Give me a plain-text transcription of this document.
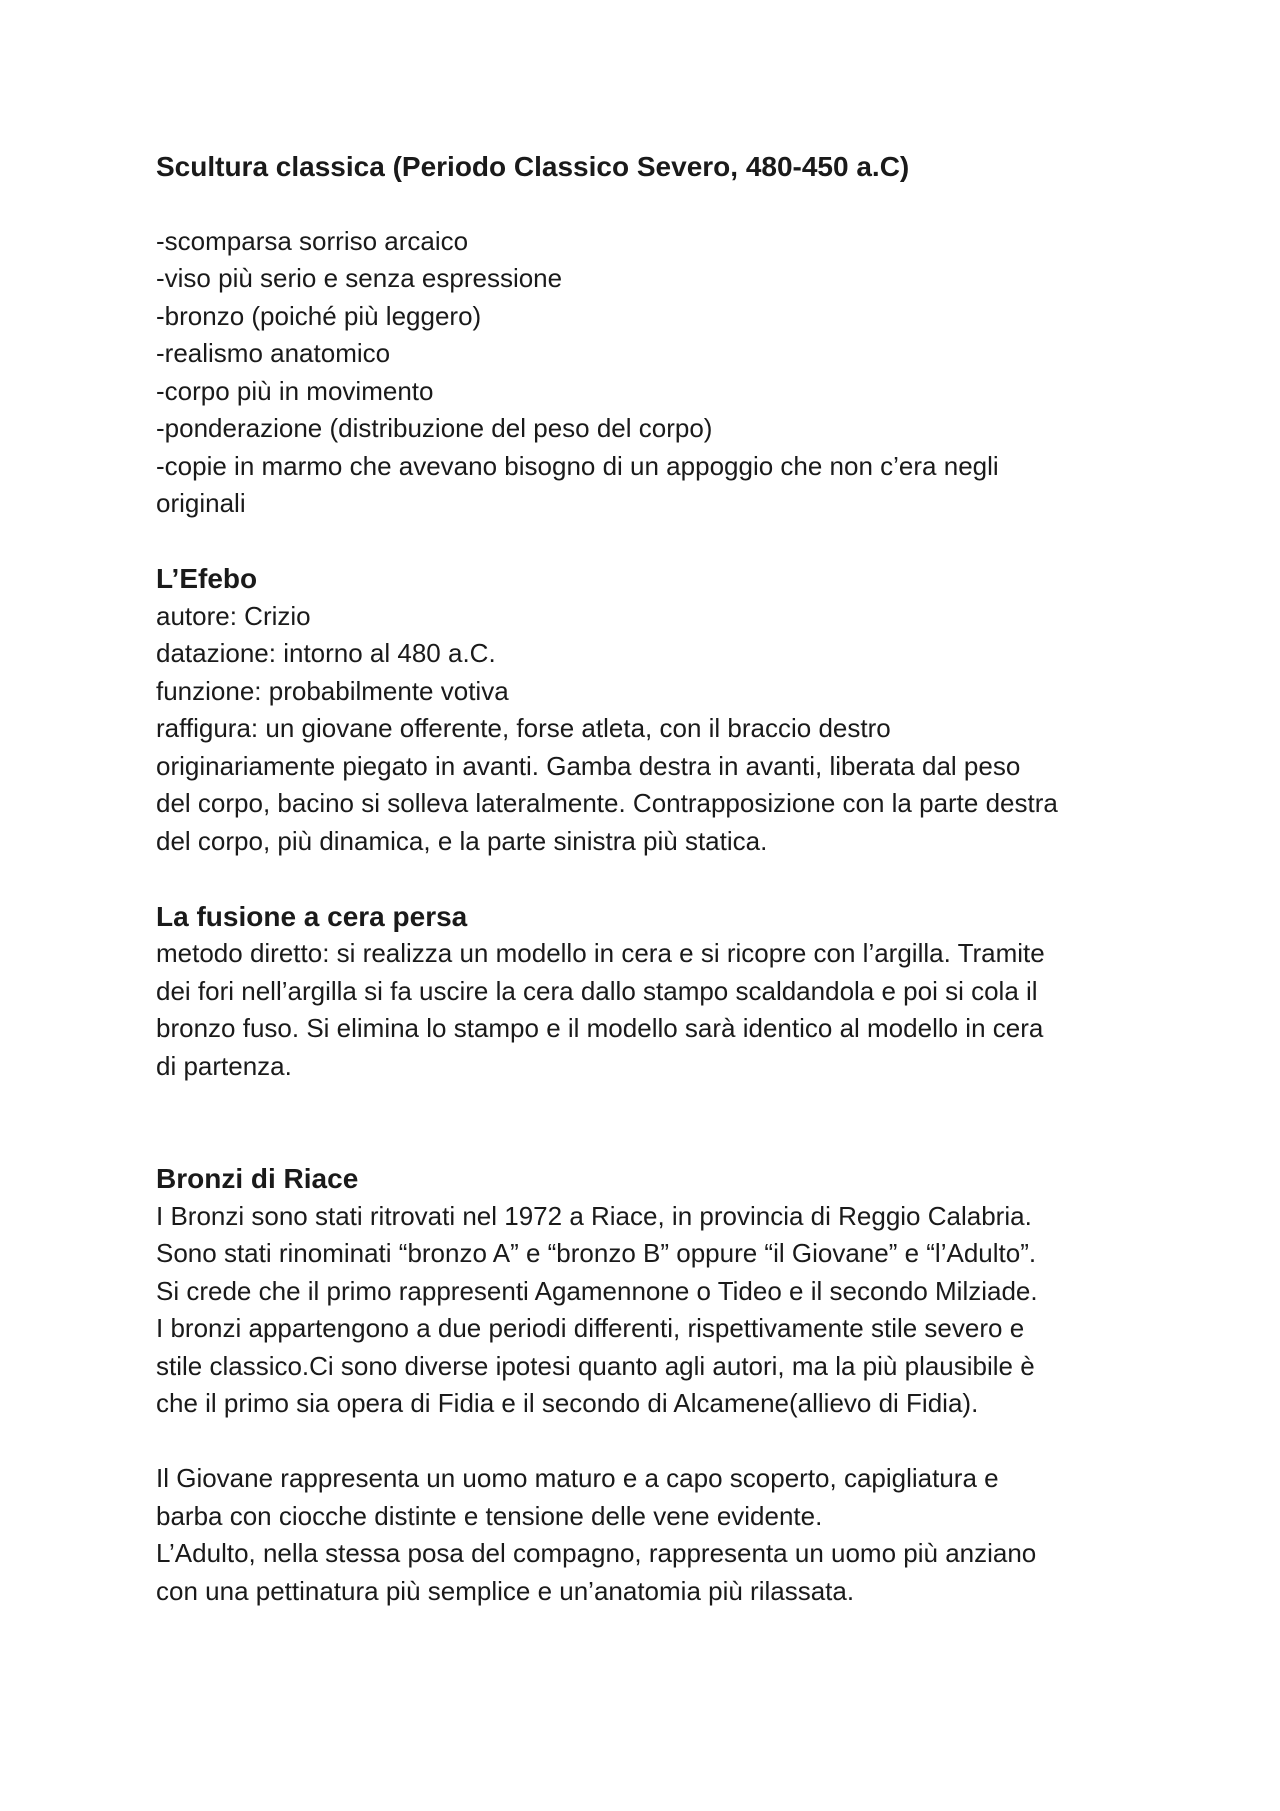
Scultura classica (Periodo Classico Severo, 480-450 a.C)

-scomparsa sorriso arcaico

-viso più serio e senza espressione

-bronzo (poiché più leggero)

-realismo anatomico

-corpo più in movimento

-ponderazione (distribuzione del peso del corpo)

-copie in marmo che avevano bisogno di un appoggio che non c’era negli

originali

L’Efebo

autore: Crizio

datazione: intorno al 480 a.C.

funzione: probabilmente votiva

raffigura: un giovane offerente, forse atleta, con il braccio destro

originariamente piegato in avanti. Gamba destra in avanti, liberata dal peso

del corpo, bacino si solleva lateralmente. Contrapposizione con la parte destra

del corpo, più dinamica, e la parte sinistra più statica.

La fusione a cera persa

metodo diretto: si realizza un modello in cera e si ricopre con l’argilla. Tramite

dei fori nell’argilla si fa uscire la cera dallo stampo scaldandola e poi si cola il

bronzo fuso. Si elimina lo stampo e il modello sarà identico al modello in cera

di partenza.

Bronzi di Riace

I Bronzi sono stati ritrovati nel 1972 a Riace, in provincia di Reggio Calabria.

Sono stati rinominati “bronzo A” e “bronzo B” oppure “il Giovane” e “l’Adulto”.

Si crede che il primo rappresenti Agamennone o Tideo e il secondo Milziade.

I bronzi appartengono a due periodi differenti, rispettivamente stile severo e

stile classico.Ci sono diverse ipotesi quanto agli autori, ma la più plausibile è

che il primo sia opera di Fidia e il secondo di Alcamene(allievo di Fidia).

Il Giovane rappresenta un uomo maturo e a capo scoperto, capigliatura e

barba con ciocche distinte e tensione delle vene evidente.

L’Adulto, nella stessa posa del compagno, rappresenta un uomo più anziano

con una pettinatura più semplice e un’anatomia più rilassata.
